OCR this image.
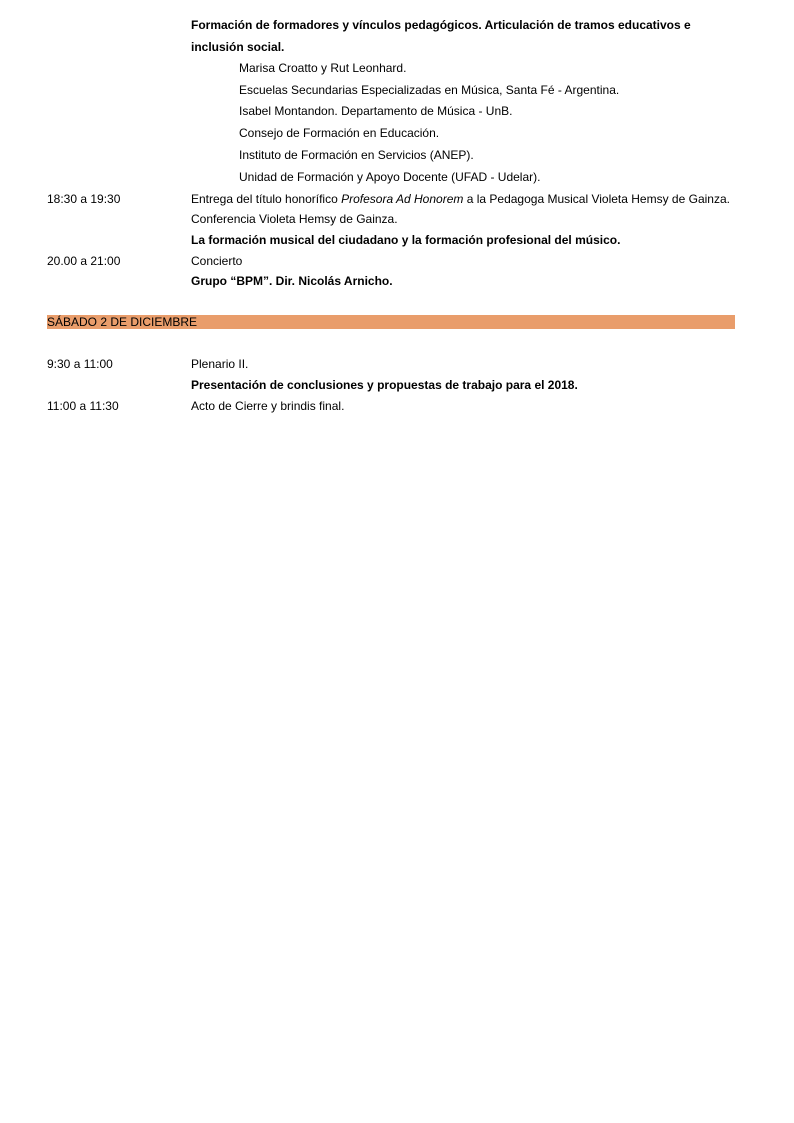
Formación de formadores y vínculos pedagógicos. Articulación de tramos educativos e
inclusión social.
Marisa Croatto y Rut Leonhard.
Escuelas Secundarias Especializadas en Música, Santa Fé - Argentina.
Isabel Montandon. Departamento de Música - UnB.
Consejo de Formación en Educación.
Instituto de Formación en Servicios (ANEP).
Unidad de Formación y Apoyo Docente (UFAD - Udelar).
18:30 a 19:30	Entrega del título honorífico Profesora Ad Honorem a la Pedagoga Musical Violeta Hemsy de Gainza.
Conferencia Violeta Hemsy de Gainza.
La formación musical del ciudadano y la formación profesional del músico.
20.00 a 21:00	Concierto
Grupo “BPM”. Dir. Nicolás Arnicho.
SÁBADO 2 DE DICIEMBRE
9:30 a 11:00	Plenario II.
Presentación de conclusiones y propuestas de trabajo para el 2018.
11:00 a 11:30	Acto de Cierre y brindis final.
